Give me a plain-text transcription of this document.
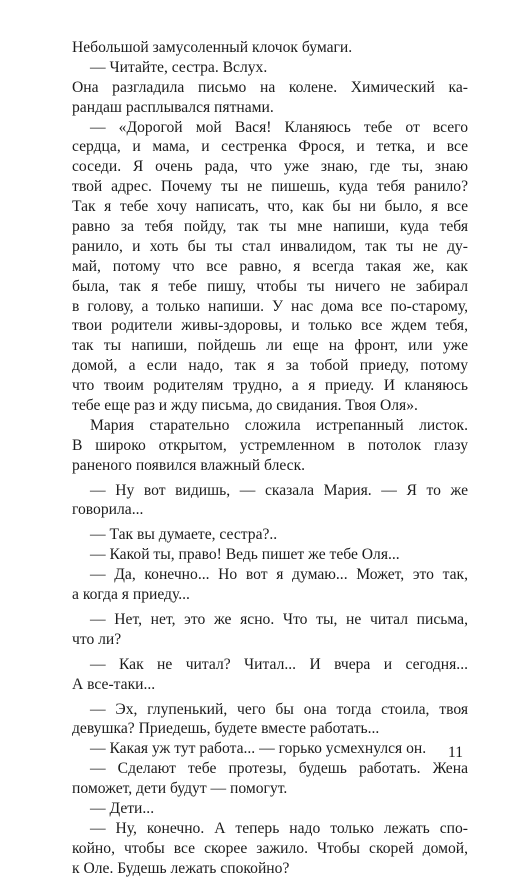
Небольшой замусоленный клочок бумаги.
— Читайте, сестра. Вслух.
Она разгладила письмо на колене. Химический ка-
рандаш расплывался пятнами.
— «Дорогой мой Вася! Кланяюсь тебе от всего
сердца, и мама, и сестренка Фрося, и тетка, и все
соседи. Я очень рада, что уже знаю, где ты, знаю
твой адрес. Почему ты не пишешь, куда тебя ранило?
Так я тебе хочу написать, что, как бы ни было, я все
равно за тебя пойду, так ты мне напиши, куда тебя
ранило, и хоть бы ты стал инвалидом, так ты не ду-
май, потому что все равно, я всегда такая же, как
была, так я тебе пишу, чтобы ты ничего не забирал
в голову, а только напиши. У нас дома все по-старому,
твои родители живы-здоровы, и только все ждем тебя,
так ты напиши, пойдешь ли еще на фронт, или уже
домой, а если надо, так я за тобой приеду, потому
что твоим родителям трудно, а я приеду. И кланяюсь
тебе еще раз и жду письма, до свидания. Твоя Оля».
Мария старательно сложила истрепанный листок.
В широко открытом, устремленном в потолок глазу
раненого появился влажный блеск.
— Ну вот видишь, — сказала Мария. — Я то же
говорила...
— Так вы думаете, сестра?..
— Какой ты, право! Ведь пишет же тебе Оля...
— Да, конечно... Но вот я думаю... Может, это так,
а когда я приеду...
— Нет, нет, это же ясно. Что ты, не читал письма,
что ли?
— Как не читал? Читал... И вчера и сегодня...
А все-таки...
— Эх, глупенький, чего бы она тогда стоила, твоя
девушка? Приедешь, будете вместе работать...
— Какая уж тут работа... — горько усмехнулся он.
— Сделают тебе протезы, будешь работать. Жена
поможет, дети будут — помогут.
— Дети...
— Ну, конечно. А теперь надо только лежать спо-
койно, чтобы все скорее зажило. Чтобы скорей домой,
к Оле. Будешь лежать спокойно?
11
